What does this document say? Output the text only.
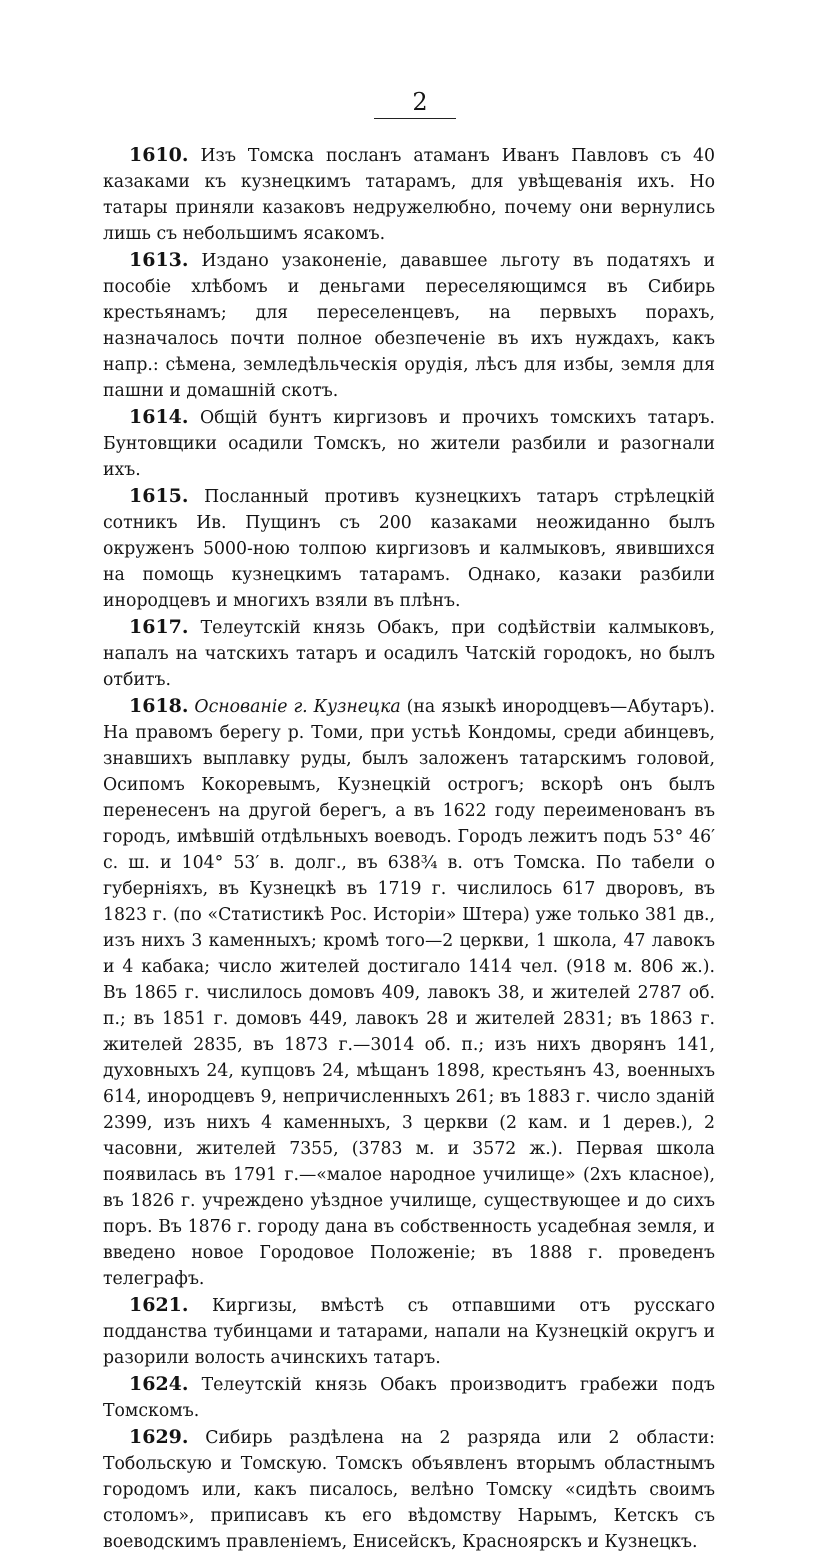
2

1610. Изъ Томска посланъ атаманъ Иванъ Павловъ съ 40 казаками къ кузнецкимъ татарамъ, для увѣщеванія ихъ. Но татары приняли казаковъ недружелюбно, почему они вернулись лишь съ небольшимъ ясакомъ.

1613. Издано узаконеніе, дававшее льготу въ податяхъ и пособіе хлѣбомъ и деньгами переселяющимся въ Сибирь крестьянамъ; для переселенцевъ, на первыхъ порахъ, назначалось почти полное обезпеченіе въ ихъ нуждахъ, какъ напр.: сѣмена, земледѣльческія орудія, лѣсъ для избы, земля для пашни и домашній скотъ.

1614. Общій бунтъ киргизовъ и прочихъ томскихъ татаръ. Бунтовщики осадили Томскъ, но жители разбили и разогнали ихъ.

1615. Посланный противъ кузнецкихъ татаръ стрѣлецкій сотникъ Ив. Пущинъ съ 200 казаками неожиданно былъ окруженъ 5000-ною толпою киргизовъ и калмыковъ, явившихся на помощь кузнецкимъ татарамъ. Однако, казаки разбили инородцевъ и многихъ взяли въ плѣнъ.

1617. Телеутскій князь Обакъ, при содѣйствіи калмыковъ, напалъ на чатскихъ татаръ и осадилъ Чатскій городокъ, но былъ отбитъ.

1618. Основаніе г. Кузнецка (на языкѣ инородцевъ—Абутаръ). На правомъ берегу р. Томи, при устьѣ Кондомы, среди абинцевъ, знавшихъ выплавку руды, былъ заложенъ татарскимъ головой, Осипомъ Кокоревымъ, Кузнецкій острогъ; вскорѣ онъ былъ перенесенъ на другой берегъ, а въ 1622 году переименованъ въ городъ, имѣвшій отдѣльныхъ воеводъ. Городъ лежитъ подъ 53° 46′ с. ш. и 104° 53′ в. долг., въ 638¾ в. отъ Томска. По табели о губерніяхъ, въ Кузнецкѣ въ 1719 г. числилось 617 дворовъ, въ 1823 г. (по «Статистикѣ Рос. Исторіи» Штера) уже только 381 дв., изъ нихъ 3 каменныхъ; кромѣ того—2 церкви, 1 школа, 47 лавокъ и 4 кабака; число жителей достигало 1414 чел. (918 м. 806 ж.). Въ 1865 г. числилось домовъ 409, лавокъ 38, и жителей 2787 об. п.; въ 1851 г. домовъ 449, лавокъ 28 и жителей 2831; въ 1863 г. жителей 2835, въ 1873 г.—3014 об. п.; изъ нихъ дворянъ 141, духовныхъ 24, купцовъ 24, мѣщанъ 1898, крестьянъ 43, военныхъ 614, инородцевъ 9, непричисленныхъ 261; въ 1883 г. число зданій 2399, изъ нихъ 4 каменныхъ, 3 церкви (2 кам. и 1 дерев.), 2 часовни, жителей 7355, (3783 м. и 3572 ж.). Первая школа появилась въ 1791 г.—«малое народное училище» (2хъ класное), въ 1826 г. учреждено уѣздное училище, существующее и до сихъ поръ. Въ 1876 г. городу дана въ собственность усадебная земля, и введено новое Городовое Положеніе; въ 1888 г. проведенъ телеграфъ.

1621. Киргизы, вмѣстѣ съ отпавшими отъ русскаго подданства тубинцами и татарами, напали на Кузнецкій округъ и разорили волость ачинскихъ татаръ.

1624. Телеутскій князь Обакъ производитъ грабежи подъ Томскомъ.

1629. Сибирь раздѣлена на 2 разряда или 2 области: Тобольскую и Томскую. Томскъ объявленъ вторымъ областнымъ городомъ или, какъ писалось, велѣно Томску «сидѣть своимъ столомъ», приписавъ къ его вѣдомству Нарымъ, Кетскъ съ воеводскимъ правленіемъ, Енисейскъ, Красноярскъ и Кузнецкъ.
